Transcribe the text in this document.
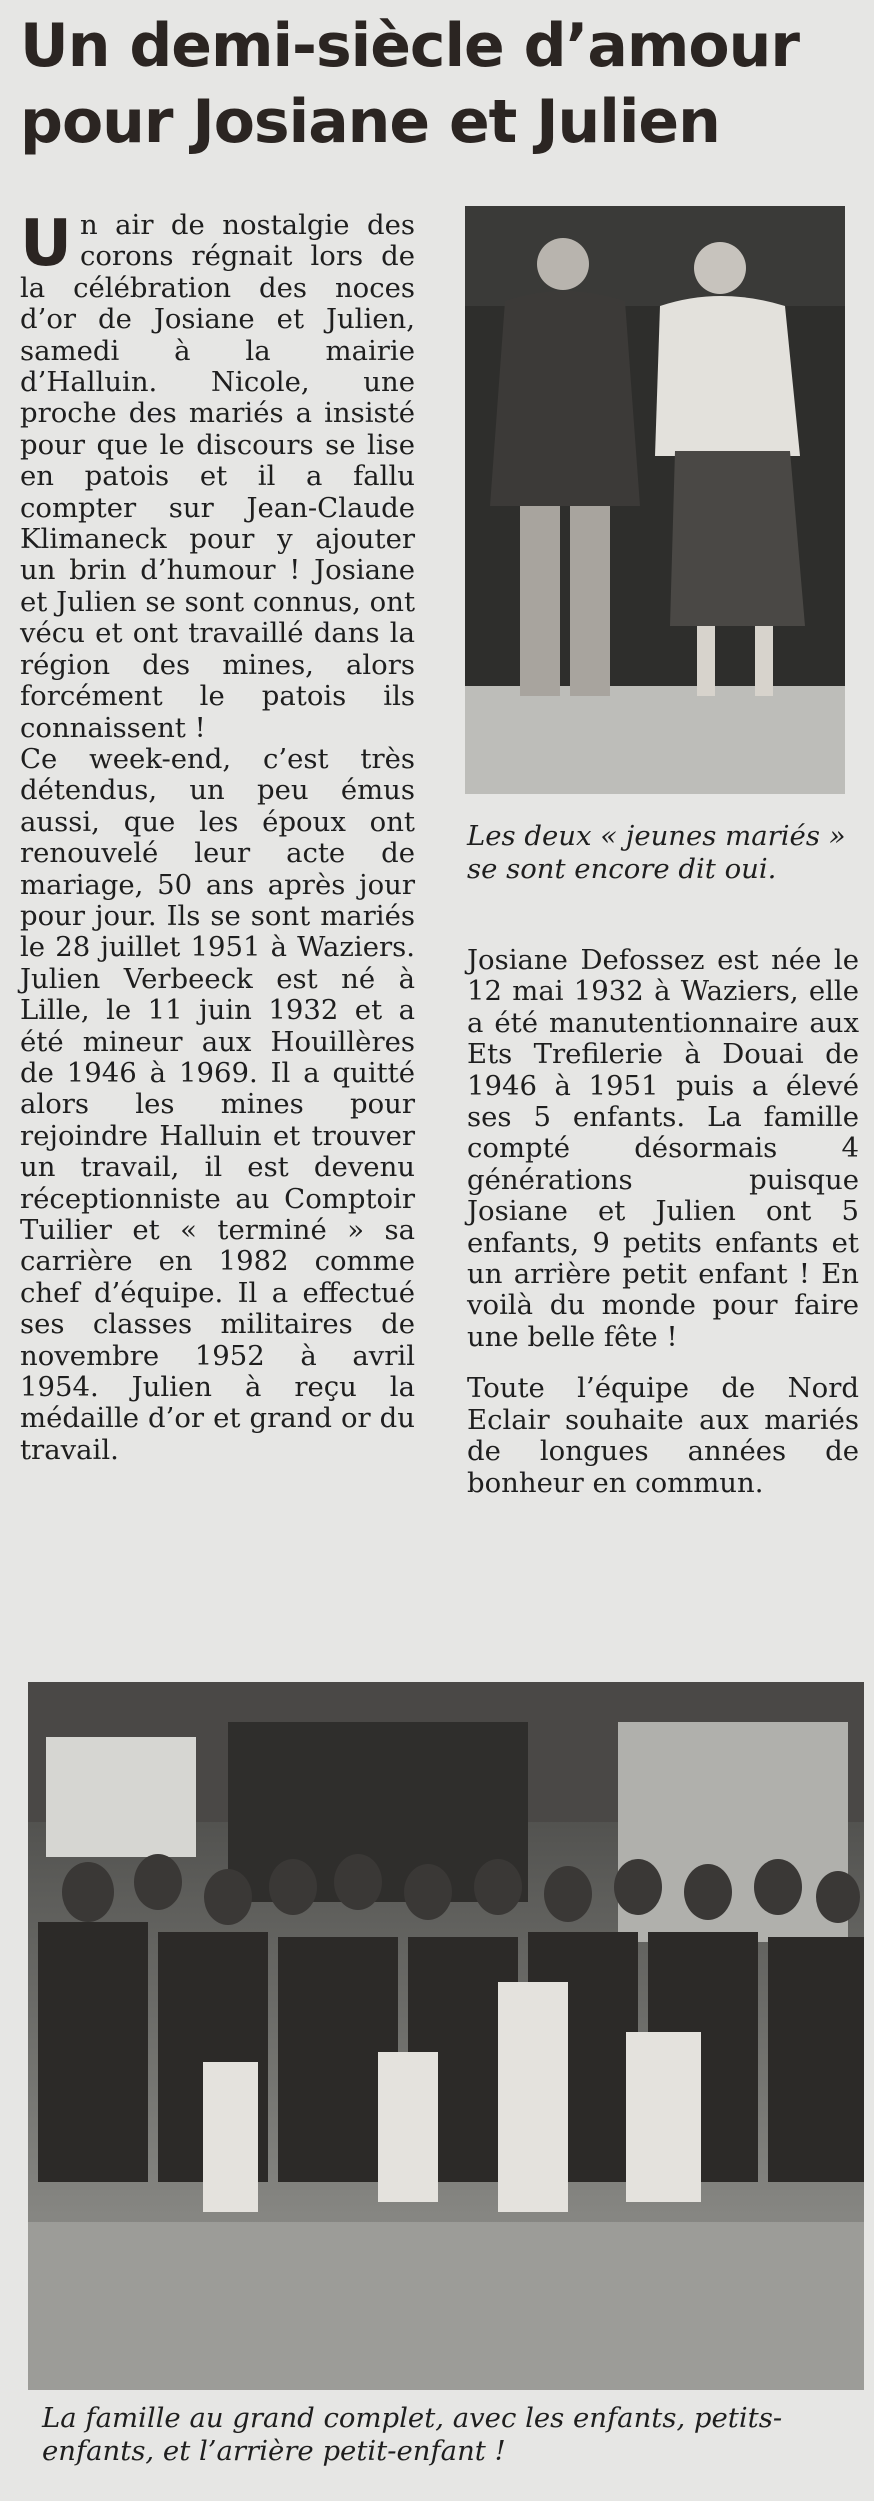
Un demi-siècle d’amour
pour Josiane et Julien

Un air de nostalgie des corons régnait lors de la célébration des noces d’or de Josiane et Julien, samedi à la mairie d’Halluin. Nicole, une proche des mariés a insisté pour que le discours se lise en patois et il a fallu compter sur Jean-Claude Klimaneck pour y ajouter un brin d’humour ! Josiane et Julien se sont connus, ont vécu et ont travaillé dans la région des mines, alors forcément le patois ils connaissent !

Ce week-end, c’est très détendus, un peu émus aussi, que les époux ont renouvelé leur acte de mariage, 50 ans après jour pour jour. Ils se sont mariés le 28 juillet 1951 à Waziers. Julien Verbeeck est né à Lille, le 11 juin 1932 et a été mineur aux Houillères de 1946 à 1969. Il a quitté alors les mines pour rejoindre Halluin et trouver un travail, il est devenu réceptionniste au Comptoir Tuilier et « terminé » sa carrière en 1982 comme chef d’équipe. Il a effectué ses classes militaires de novembre 1952 à avril 1954. Julien à reçu la médaille d’or et grand or du travail.

Les deux « jeunes mariés » se sont encore dit oui.

Josiane Defossez est née le 12 mai 1932 à Waziers, elle a été manutentionnaire aux Ets Trefilerie à Douai de 1946 à 1951 puis a élevé ses 5 enfants. La famille compté désormais 4 générations puisque Josiane et Julien ont 5 enfants, 9 petits enfants et un arrière petit enfant ! En voilà du monde pour faire une belle fête !

Toute l’équipe de Nord Eclair souhaite aux mariés de longues années de bonheur en commun.

La famille au grand complet, avec les enfants, petits-enfants, et l’arrière petit-enfant !
